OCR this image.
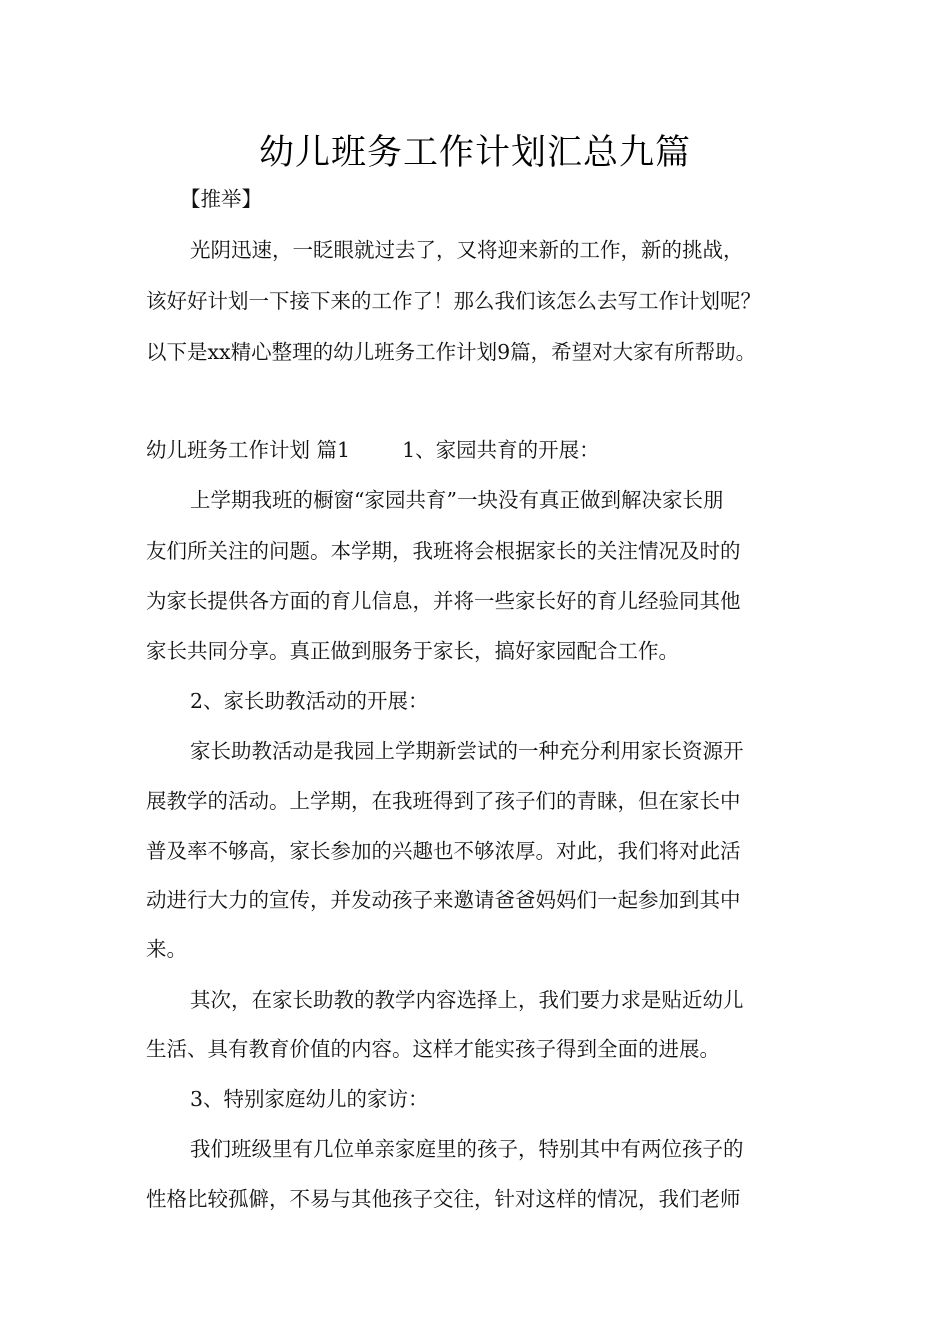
幼儿班务工作计划汇总九篇
【推举】
光阴迅速，一眨眼就过去了，又将迎来新的工作，新的挑战，
该好好计划一下接下来的工作了！那么我们该怎么去写工作计划呢？
以下是xx精心整理的幼儿班务工作计划9篇，希望对大家有所帮助。
幼儿班务工作计划 篇1	1、家园共育的开展：
上学期我班的橱窗“家园共育”一块没有真正做到解决家长朋
友们所关注的问题。本学期，我班将会根据家长的关注情况及时的
为家长提供各方面的育儿信息，并将一些家长好的育儿经验同其他
家长共同分享。真正做到服务于家长，搞好家园配合工作。
2、家长助教活动的开展：
家长助教活动是我园上学期新尝试的一种充分利用家长资源开
展教学的活动。上学期，在我班得到了孩子们的青睐，但在家长中
普及率不够高，家长参加的兴趣也不够浓厚。对此，我们将对此活
动进行大力的宣传，并发动孩子来邀请爸爸妈妈们一起参加到其中
来。
其次，在家长助教的教学内容选择上，我们要力求是贴近幼儿
生活、具有教育价值的内容。这样才能实孩子得到全面的进展。
3、特别家庭幼儿的家访：
我们班级里有几位单亲家庭里的孩子，特别其中有两位孩子的
性格比较孤僻，不易与其他孩子交往，针对这样的情况，我们老师
